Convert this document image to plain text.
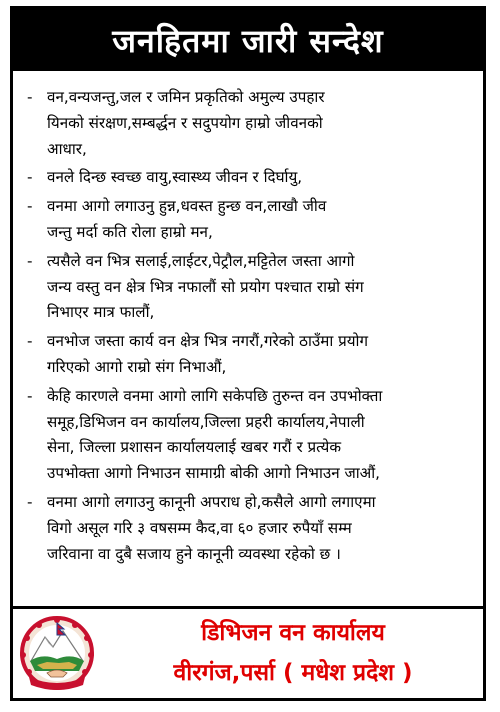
जनहितमा जारी सन्देश
- वन,वन्यजन्तु,जल र जमिन प्रकृतिको अमुल्य उपहार
यिनको संरक्षण,सम्बर्द्धन र सदुपयोग हाम्रो जीवनको
आधार,
- वनले दिन्छ स्वच्छ वायु,स्वास्थ्य जीवन र दिर्घायु,
- वनमा आगो लगाउनु हुन्न,धवस्त हुन्छ वन,लाखौ जीव
जन्तु मर्दा कति रोला हाम्रो मन,
- त्यसैले वन भित्र सलाई,लाईटर,पेट्रौल,मट्टितेल जस्ता आगो
जन्य वस्तु वन क्षेत्र भित्र नफालौं सो प्रयोग पश्चात राम्रो संग
निभाएर मात्र फालौं,
- वनभोज जस्ता कार्य वन क्षेत्र भित्र नगरौं,गरेको ठाउँमा प्रयोग
गरिएको आगो राम्रो संग निभाऔं,
- केहि कारणले वनमा आगो लागि सकेपछि तुरुन्त वन उपभोक्ता
समूह,डिभिजन वन कार्यालय,जिल्ला प्रहरी कार्यालय,नेपाली
सेना, जिल्ला प्रशासन कार्यालयलाई खबर गरौं र प्रत्येक
उपभोक्ता आगो निभाउन सामाग्री बोकी आगो निभाउन जाऔं,
- वनमा आगो लगाउनु कानूनी अपराध हो,कसैले आगो लगाएमा
विगो असूल गरि ३ वषसम्म कैद,वा ६० हजार रुपैयाँ सम्म
जरिवाना वा दुबै सजाय हुने कानूनी व्यवस्था रहेको छ ।
डिभिजन वन कार्यालय
वीरगंज,पर्सा ( मधेश प्रदेश )
